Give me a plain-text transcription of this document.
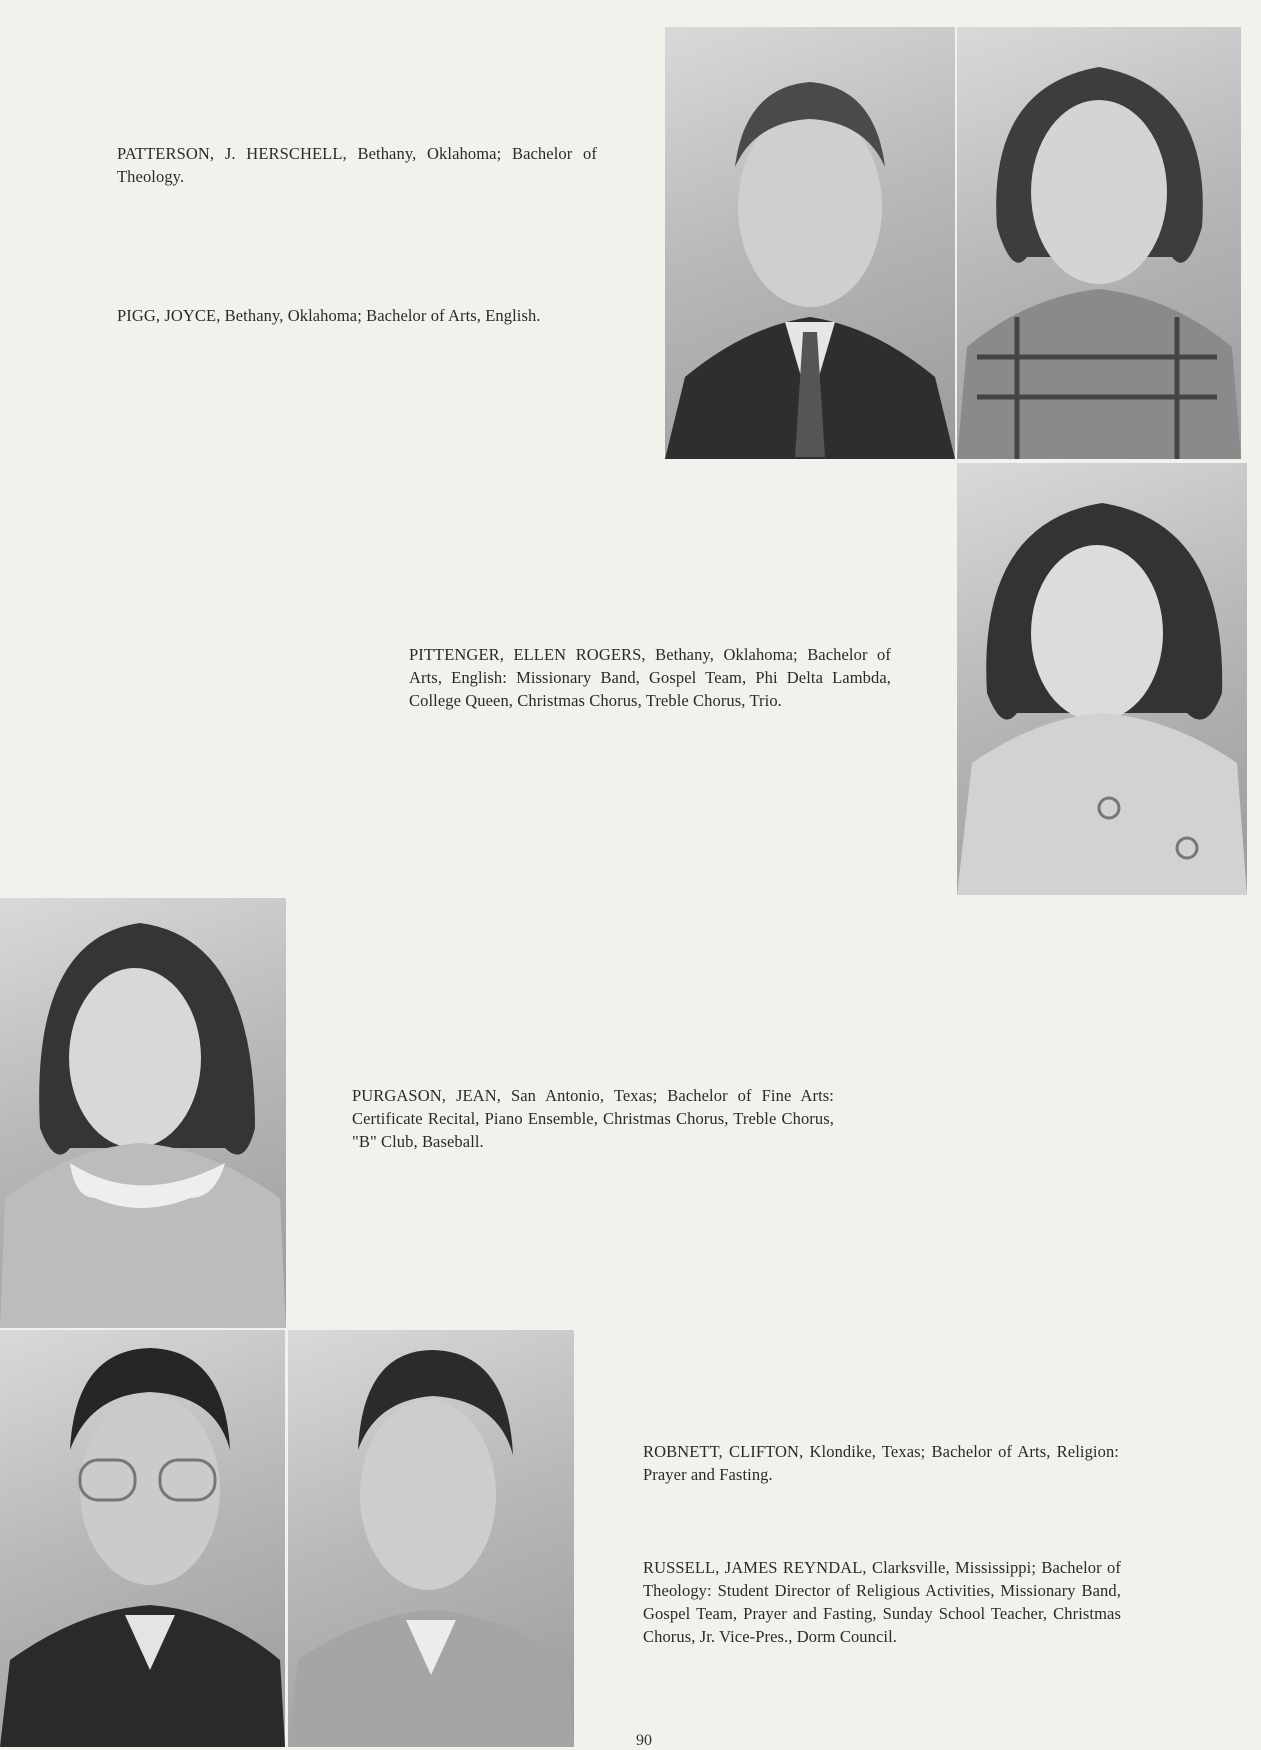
PATTERSON, J. HERSCHELL, Bethany, Oklahoma; Bachelor of Theology.
PIGG, JOYCE, Bethany, Oklahoma; Bachelor of Arts, English.
PITTENGER, ELLEN ROGERS, Bethany, Oklahoma; Bachelor of Arts, English: Missionary Band, Gospel Team, Phi Delta Lambda, College Queen, Christmas Chorus, Treble Chorus, Trio.
PURGASON, JEAN, San Antonio, Texas; Bachelor of Fine Arts: Certificate Recital, Piano Ensemble, Christmas Chorus, Treble Chorus, "B" Club, Baseball.
ROBNETT, CLIFTON, Klondike, Texas; Bachelor of Arts, Religion: Prayer and Fasting.
RUSSELL, JAMES REYNDAL, Clarksville, Mississippi; Bachelor of Theology: Student Director of Religious Activities, Missionary Band, Gospel Team, Prayer and Fasting, Sunday School Teacher, Christmas Chorus, Jr. Vice-Pres., Dorm Council.
90
